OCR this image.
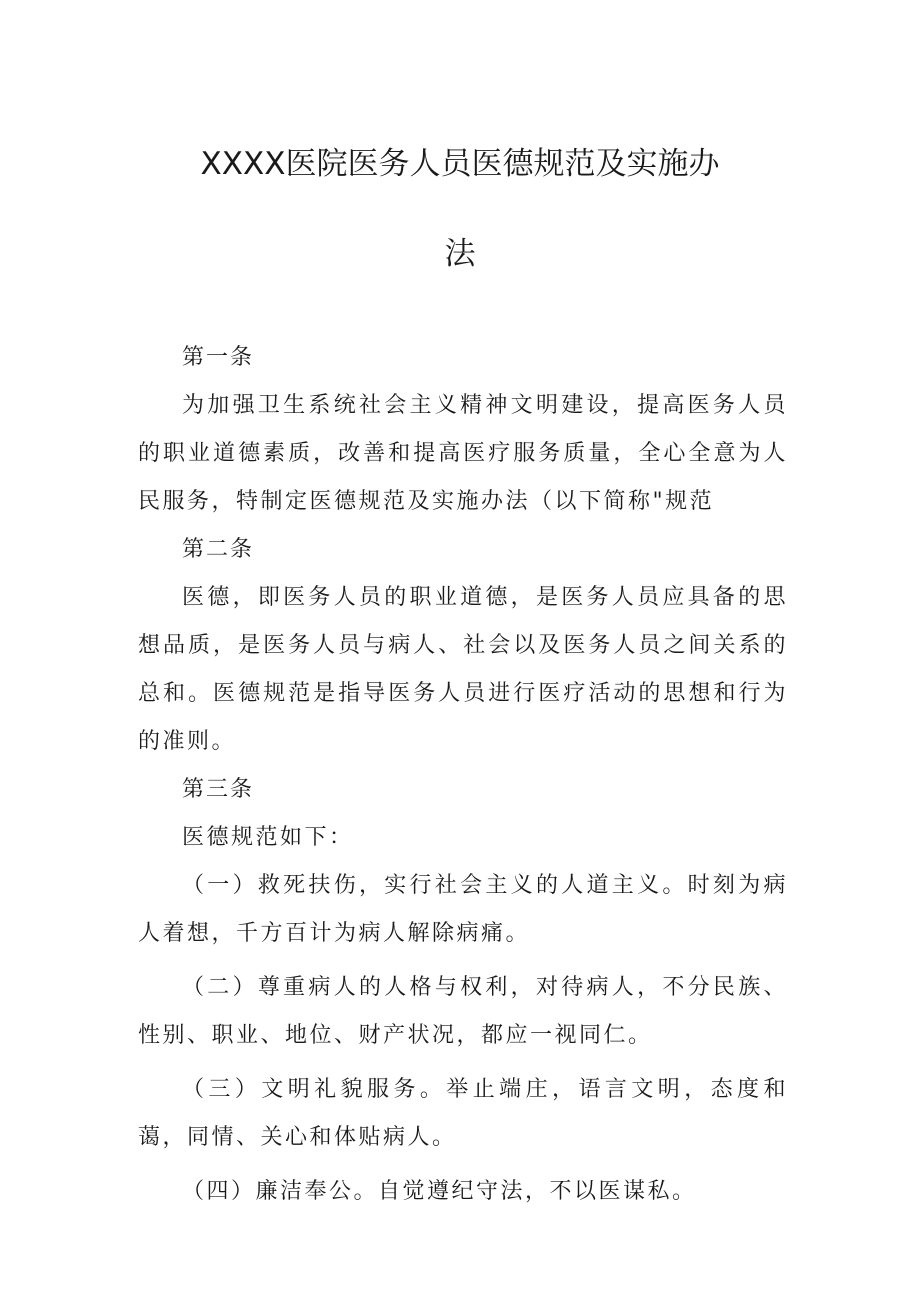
XXXX医院医务人员医德规范及实施办
法

第一条

为加强卫生系统社会主义精神文明建设，提高医务人员的职业道德素质，改善和提高医疗服务质量，全心全意为人民服务，特制定医德规范及实施办法（以下简称"规范

第二条

医德，即医务人员的职业道德，是医务人员应具备的思想品质，是医务人员与病人、社会以及医务人员之间关系的总和。医德规范是指导医务人员进行医疗活动的思想和行为的准则。

第三条

医德规范如下：

（一）救死扶伤，实行社会主义的人道主义。时刻为病人着想，千方百计为病人解除病痛。

（二）尊重病人的人格与权利，对待病人，不分民族、性别、职业、地位、财产状况，都应一视同仁。

（三）文明礼貌服务。举止端庄，语言文明，态度和蔼，同情、关心和体贴病人。

（四）廉洁奉公。自觉遵纪守法，不以医谋私。
